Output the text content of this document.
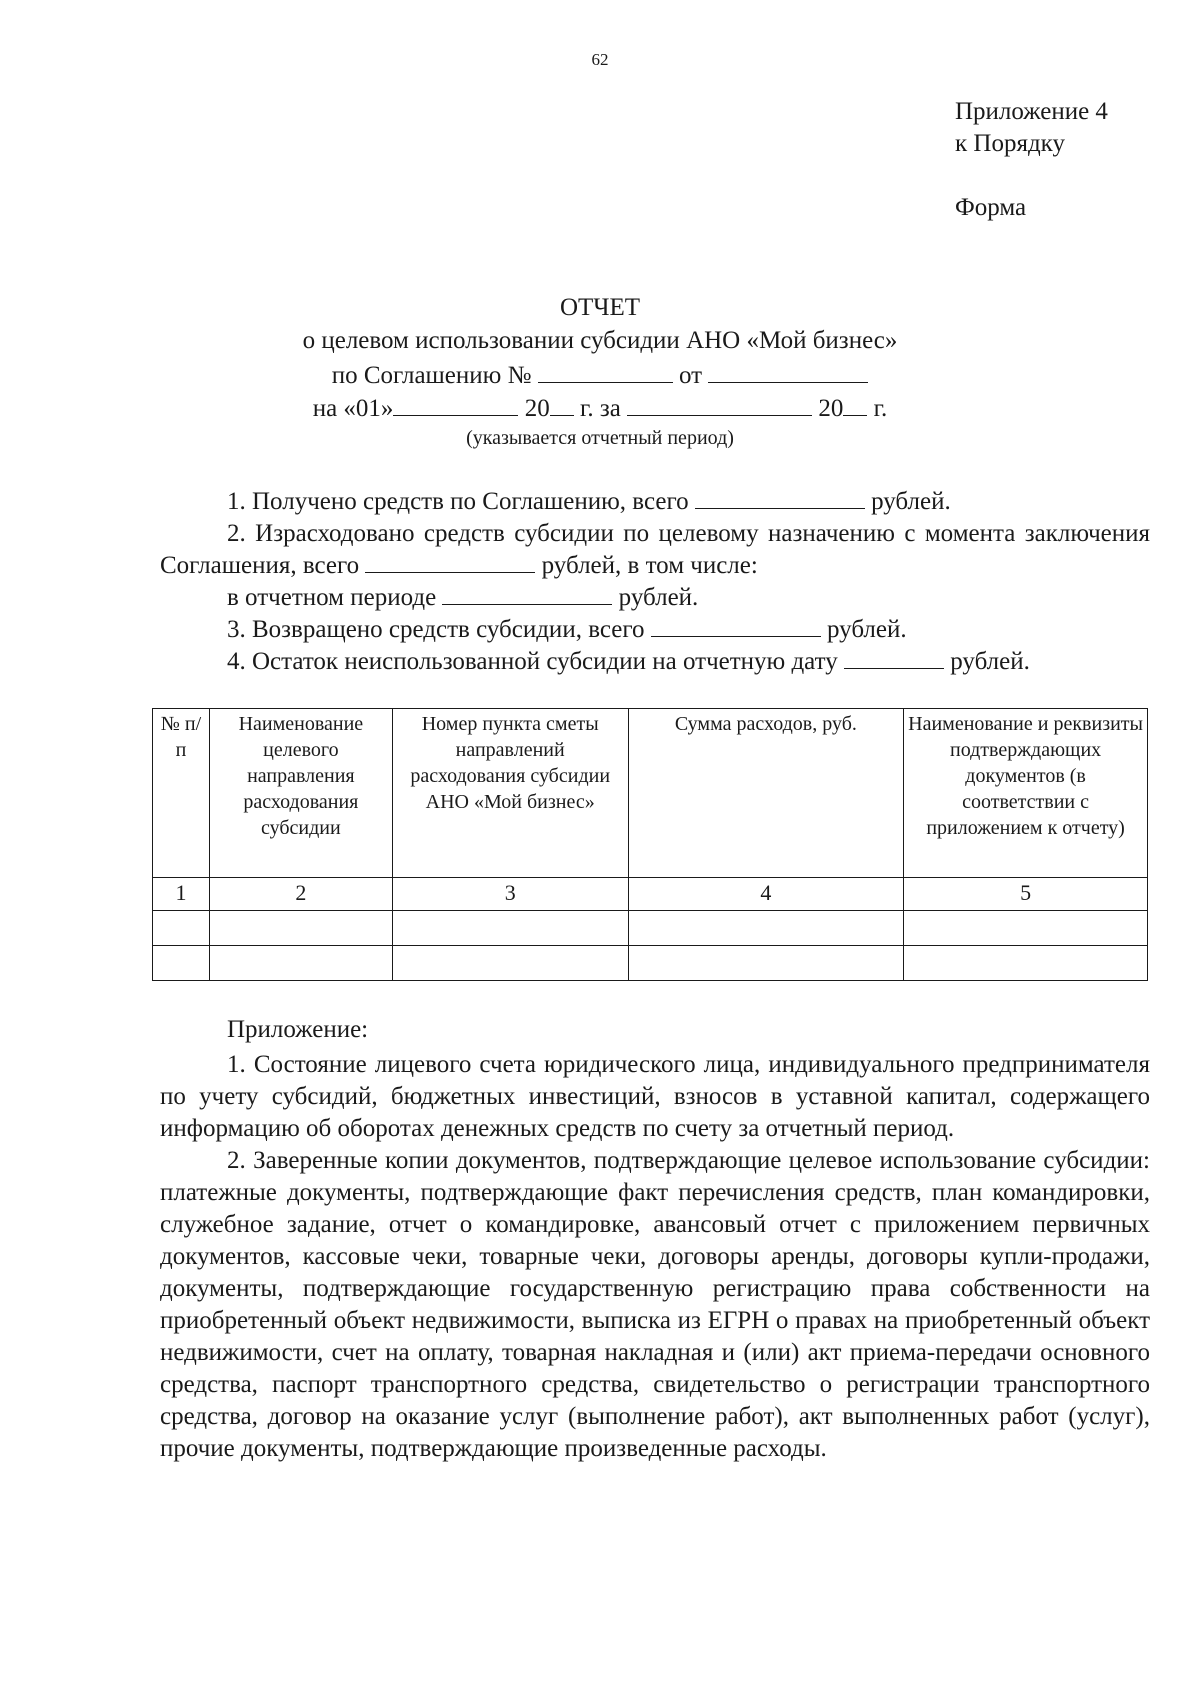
62
Приложение 4
к Порядку
Форма
ОТЧЕТ
о целевом использовании субсидии АНО «Мой бизнес»
по Соглашению №	от
на «01»	20 г. за	20 г.
(указывается отчетный период)

1. Получено средств по Соглашению, всего	рублей.

2. Израсходовано средств субсидии по целевому назначению с момента заключения Соглашения, всего	рублей, в том числе:

в отчетном периоде	рублей.

3. Возвращено средств субсидии, всего	рублей.

4. Остаток неиспользованной субсидии на отчетную дату	рублей.

№ п/п	Наименование целевого направления расходования субсидии	Номер пункта сметы направлений расходования субсидии АНО «Мой бизнес»	Сумма расходов, руб.	Наименование и реквизиты подтверждающих документов (в соответствии с приложением к отчету)
1	2	3	4	5

Приложение:

1. Состояние лицевого счета юридического лица, индивидуального предпринимателя по учету субсидий, бюджетных инвестиций, взносов в уставной капитал, содержащего информацию об оборотах денежных средств по счету за отчетный период.

2. Заверенные копии документов, подтверждающие целевое использование субсидии: платежные документы, подтверждающие факт перечисления средств, план командировки, служебное задание, отчет о командировке, авансовый отчет с приложением первичных документов, кассовые чеки, товарные чеки, договоры аренды, договоры купли-продажи, документы, подтверждающие государственную регистрацию права собственности на приобретенный объект недвижимости, выписка из ЕГРН о правах на приобретенный объект недвижимости, счет на оплату, товарная накладная и (или) акт приема-передачи основного средства, паспорт транспортного средства, свидетельство о регистрации транспортного средства, договор на оказание услуг (выполнение работ), акт выполненных работ (услуг), прочие документы, подтверждающие произведенные расходы.
